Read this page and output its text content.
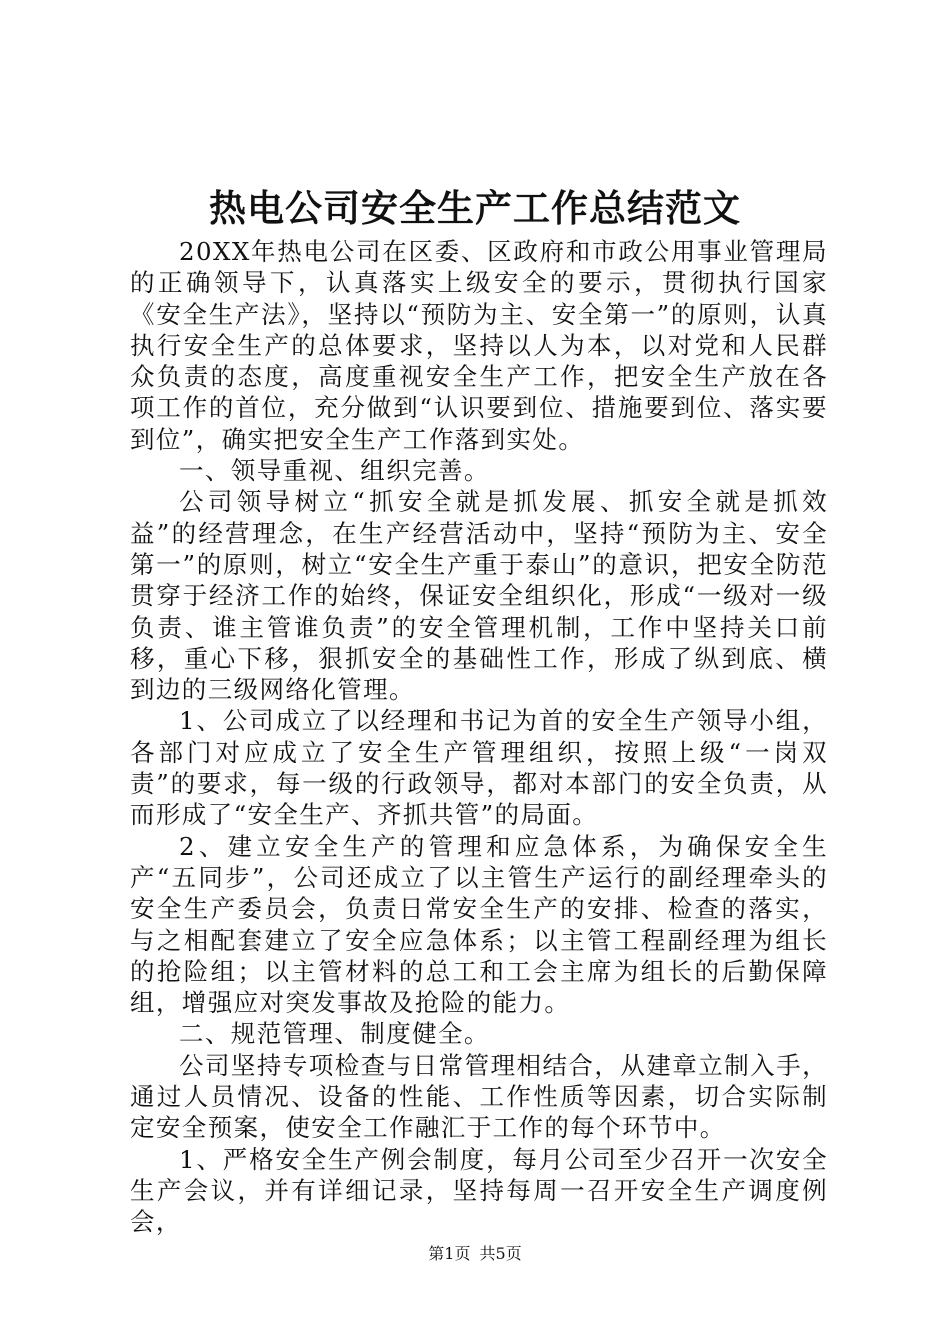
热电公司安全生产工作总结范文

20XX年热电公司在区委、区政府和市政公用事业管理局的正确领导下，认真落实上级安全的要示，贯彻执行国家《安全生产法》，坚持以“预防为主、安全第一”的原则，认真执行安全生产的总体要求，坚持以人为本，以对党和人民群众负责的态度，高度重视安全生产工作，把安全生产放在各项工作的首位，充分做到“认识要到位、措施要到位、落实要到位”，确实把安全生产工作落到实处。

一、领导重视、组织完善。

公司领导树立“抓安全就是抓发展、抓安全就是抓效益”的经营理念，在生产经营活动中，坚持“预防为主、安全第一”的原则，树立“安全生产重于泰山”的意识，把安全防范贯穿于经济工作的始终，保证安全组织化，形成“一级对一级负责、谁主管谁负责”的安全管理机制，工作中坚持关口前移，重心下移，狠抓安全的基础性工作，形成了纵到底、横到边的三级网络化管理。

1、公司成立了以经理和书记为首的安全生产领导小组，各部门对应成立了安全生产管理组织，按照上级“一岗双责”的要求，每一级的行政领导，都对本部门的安全负责，从而形成了“安全生产、齐抓共管”的局面。

2、建立安全生产的管理和应急体系，为确保安全生产“五同步”，公司还成立了以主管生产运行的副经理牵头的安全生产委员会，负责日常安全生产的安排、检查的落实，与之相配套建立了安全应急体系；以主管工程副经理为组长的抢险组；以主管材料的总工和工会主席为组长的后勤保障组，增强应对突发事故及抢险的能力。

二、规范管理、制度健全。

公司坚持专项检查与日常管理相结合，从建章立制入手，通过人员情况、设备的性能、工作性质等因素，切合实际制定安全预案，使安全工作融汇于工作的每个环节中。

1、严格安全生产例会制度，每月公司至少召开一次安全生产会议，并有详细记录，坚持每周一召开安全生产调度例会，

第1页 共5页
